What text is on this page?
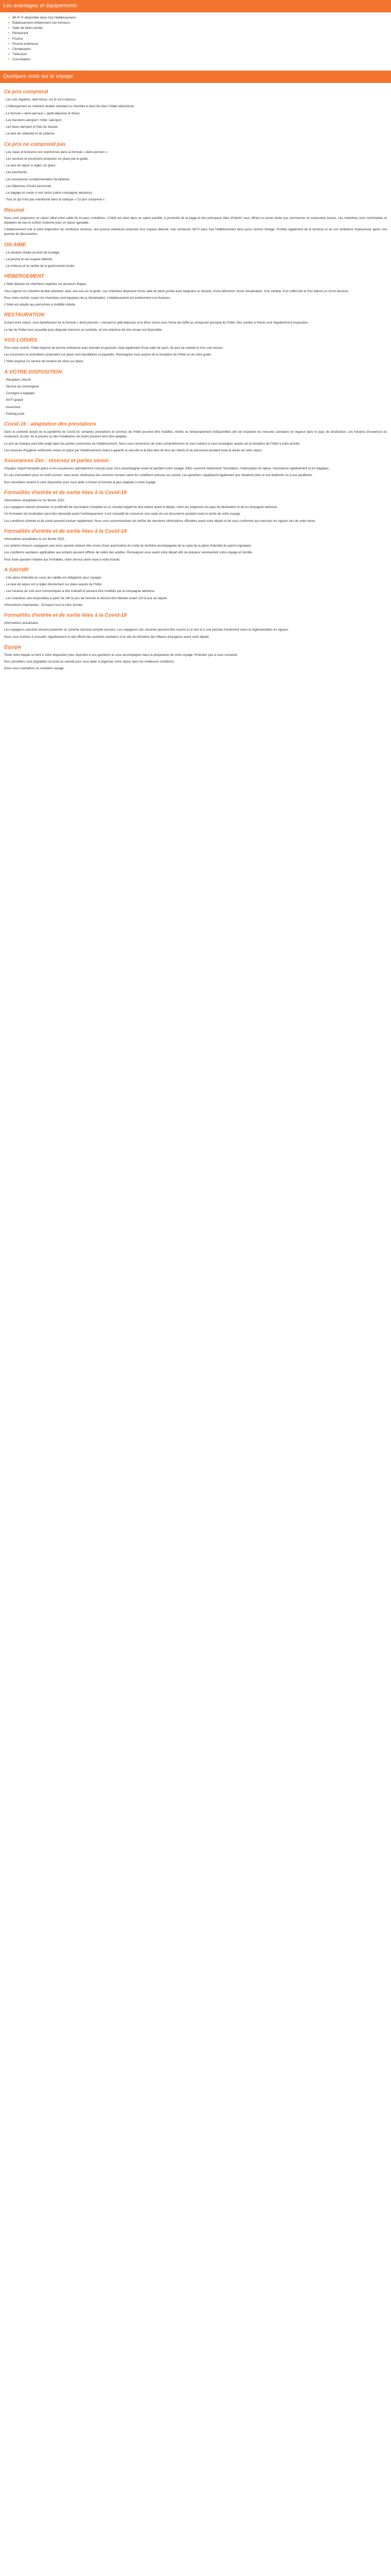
Les avantages et équipements
■ Wi-Fi ✈ disponible dans tout l'établissement
■ Établissement entièrement non-fumeurs
■ Salle de bains privée
■ Restaurant
■ Piscine
■ Piscine extérieure
■ Climatisation
■ Télévision
■ Consultation
Quelques mots sur le voyage
Ce prix comprend

- Les vols réguliers, aller/retour, sur le vol ci-dessus.

- L'hébergement en chambre double standard ou chambre à deux lits dans l'hôtel sélectionné.

- La formule « demi-pension » (petit-déjeuner et dîner).

- Les transferts aéroport / hôtel / aéroport.

- Les taxes aéroport et frais de dossier.

- La taxe de solidarité et de carbone.

Ce prix ne comprend pas

- Les repas et boissons non mentionnés dans la formule « demi-pension ».

- Les services et excursions proposés sur place par le guide.

- La taxe de séjour à régler sur place.

- Les pourboires.

- Les assurances complémentaires facultatives.

- Les dépenses d'ordre personnel.

- Le bagage en soute si non inclus (selon compagnie aérienne).

- Tout ce qui n'est pas mentionné dans la rubrique « Ce prix comprend ».

Résumé

Nous vous proposons un séjour idéal entre sable fin et eaux cristallines. L'hôtel est situé dans un cadre paisible, à proximité de la plage et des principaux sites d'intérêt, vous offrant un accès facile aux commerces et restaurants locaux. Les chambres sont confortables et équipées de tout le confort moderne pour un séjour agréable.

L'établissement met à votre disposition de nombreux services, une piscine extérieure entourée d'un espace détente, une connexion Wi-Fi dans tout l'établissement ainsi qu'un service d'étage. Profitez également de la terrasse et de son ambiance chaleureuse après une journée de découvertes.

ON AIME

- La situation idéale au bord de la plage.

- La piscine et son espace détente.

- La richesse et la variété de la gastronomie locale.

HÉBERGEMENT

L'hôtel dispose de chambres réparties sur plusieurs étages.

Vous logerez en chambre double standard, avec une vue sur le jardin. Les chambres disposent d'une salle de bains privée avec baignoire ou douche, d'une télévision, d'une climatisation, d'un minibar, d'un coffre-fort et d'un balcon ou d'une terrasse.

Pour votre confort, toutes les chambres sont équipées de la climatisation. L'établissement est entièrement non-fumeurs.

L'hôtel est adapté aux personnes à mobilité réduite.

RESTAURATION

Durant votre séjour, vous bénéficierez de la formule « demi-pension » incluant le petit-déjeuner et le dîner servis sous forme de buffet au restaurant principal de l'hôtel. Des soirées à thème sont régulièrement proposées.

Le bar de l'hôtel vous accueille pour déguster boissons et cocktails, et une sélection de vins locaux est disponible.

VOS LOISIRS

Pour votre confort, l'hôtel dispose de piscine extérieure avec transats et parasols, mais également d'une salle de sport, de jeux de société et d'un coin lecture.

Les excursions et animations proposées sur place sont facultatives et payantes. Renseignez-vous auprès de la réception de l'hôtel ou de votre guide.

L'hôtel propose un service de location de vélos sur place.

À VOTRE DISPOSITION

- Réception 24h/24

- Service de conciergerie

- Consigne à bagages

- Wi-Fi gratuit

- Ascenseur

- Parking privé

Covid-19 : adaptation des prestations

Dans le contexte actuel de la pandémie de Covid-19, certaines prestations et services de l'hôtel peuvent être modifiés, limités ou temporairement indisponibles afin de respecter les mesures sanitaires en vigueur dans le pays de destination. Les horaires d'ouverture du restaurant, du bar, de la piscine ou des installations de loisirs peuvent ainsi être adaptés.

Le port du masque peut être exigé dans les parties communes de l'établissement. Nous vous remercions de votre compréhension et vous invitons à vous renseigner auprès de la réception de l'hôtel à votre arrivée.

Les mesures d'hygiène renforcées mises en place par l'établissement visent à garantir la sécurité et le bien-être de tous les clients et du personnel pendant toute la durée de votre séjour.

Assurances Zen : réservez et partez serein

Voyagez l'esprit tranquille grâce à nos assurances spécialement conçues pour vous accompagner avant et pendant votre voyage. Elles couvrent notamment l'annulation, l'interruption de séjour, l'assistance rapatriement et les bagages.

En cas d'annulation pour un motif couvert, vous serez remboursé des sommes versées selon les conditions prévues au contrat. Les garanties s'appliquent également aux situations liées à une épidémie ou à une pandémie.

Nos conseillers restent à votre disposition pour vous aider à choisir la formule la plus adaptée à votre voyage.

Formalités d'entrée et de sortie liées à la Covid-19

Informations actualisées le 1er février 2022.

Les voyageurs doivent présenter un justificatif de vaccination complète ou un résultat négatif de test réalisé avant le départ, selon les exigences du pays de destination et de la compagnie aérienne.

Un formulaire de localisation peut être demandé avant l'embarquement. Il est conseillé de conserver une copie de vos documents pendant toute la durée de votre voyage.

Les conditions d'entrée et de sortie peuvent évoluer rapidement. Nous vous recommandons de vérifier les dernières informations officielles avant votre départ et de vous conformer aux mesures en vigueur lors de votre retour.

Formalités d'entrée et de sortie liées à la Covid-19

Informations actualisées le 1er février 2022.

Les enfants mineurs voyageant sans leurs parents doivent être munis d'une autorisation de sortie du territoire accompagnée de la copie de la pièce d'identité du parent signataire.

Les conditions sanitaires applicables aux enfants peuvent différer de celles des adultes. Renseignez-vous avant votre départ afin de préparer sereinement votre voyage en famille.

Pour toute question relative aux formalités, notre service client reste à votre écoute.

A SAVOIR

- Une pièce d'identité en cours de validité est obligatoire pour voyager.

- La taxe de séjour est à régler directement sur place auprès de l'hôtel.

- Les horaires de vols sont communiqués à titre indicatif et peuvent être modifiés par la compagnie aérienne.

- Les chambres sont disponibles à partir de 14h le jour de l'arrivée et doivent être libérées avant 12h le jour du départ.

Informations importantes : Envoyez-nous à votre arrivée.

Formalités d'entrée et de sortie liées à la Covid-19

Informations actualisées.

Les voyageurs vaccinés doivent présenter un schéma vaccinal complet reconnu. Les voyageurs non vaccinés peuvent être soumis à un test et à une période d'isolement selon la réglementation en vigueur.

Nous vous invitons à consulter régulièrement le site officiel des autorités sanitaires et le site du ministère des Affaires étrangères avant votre départ.

Équipe

Toute notre équipe se tient à votre disposition pour répondre à vos questions et vous accompagner dans la préparation de votre voyage. N'hésitez pas à nous contacter.

Nos conseillers sont joignables du lundi au samedi pour vous aider à organiser votre séjour dans les meilleures conditions.

Nous vous souhaitons un excellent voyage.
